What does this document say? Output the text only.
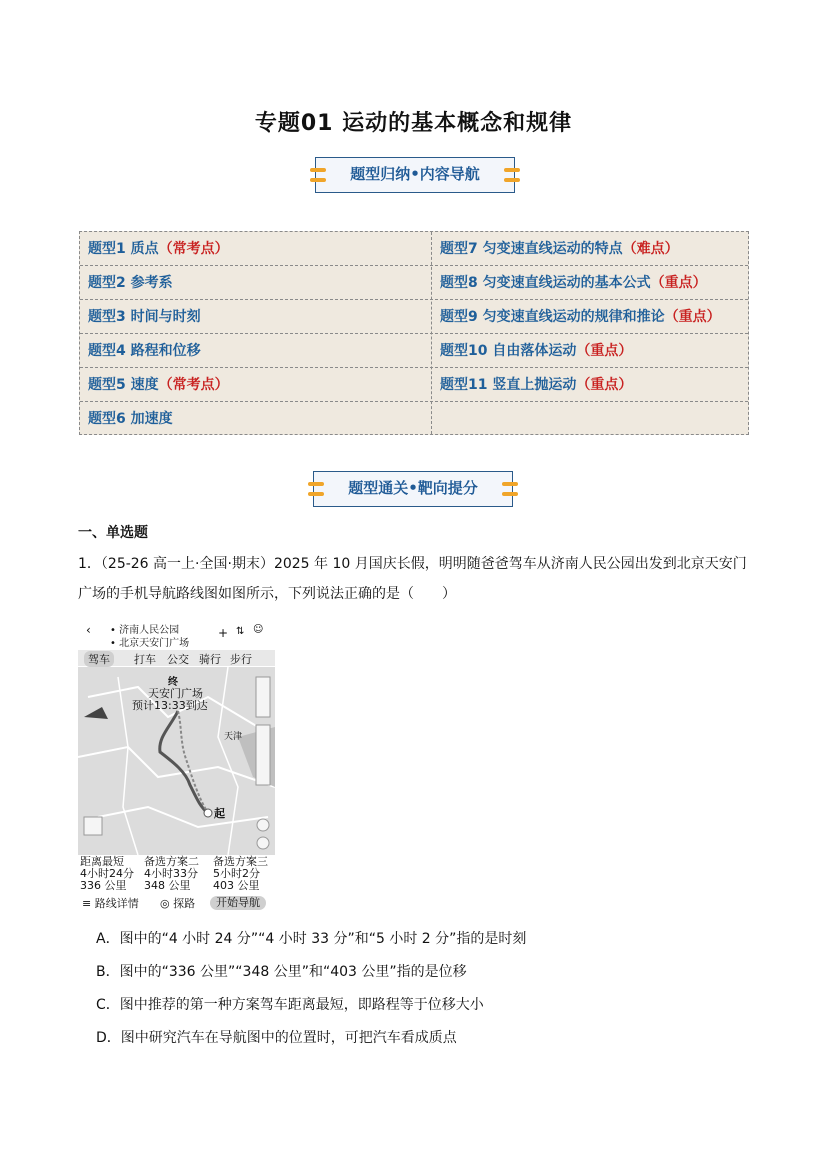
专题01 运动的基本概念和规律
题型归纳•内容导航
题型1 质点（常考点）
题型2 参考系
题型3 时间与时刻
题型4 路程和位移
题型5 速度（常考点）
题型6 加速度
题型7 匀变速直线运动的特点（难点）
题型8 匀变速直线运动的基本公式（重点）
题型9 匀变速直线运动的规律和推论（重点）
题型10 自由落体运动（重点）
题型11 竖直上抛运动（重点）
题型通关•靶向提分
一、单选题
1．（25-26 高一上·全国·期末）2025 年 10 月国庆长假，明明随爸爸驾车从济南人民公园出发到北京天安门
广场的手机导航路线图如图所示，下列说法正确的是（　　）
‹ • 济南人民公园
• 北京天安门广场
+ ⇅ ☺
驾车	打车 公交 骑行 步行
终
天安门广场
预计13:33到达
天津
起
距离最短
4小时24分
336 公里
备选方案二
4小时33分
348 公里
备选方案三
5小时2分
403 公里
≡ 路线详情 ◎ 探路	开始导航
A．图中的“4 小时 24 分”“4 小时 33 分”和“5 小时 2 分”指的是时刻
B．图中的“336 公里”“348 公里”和“403 公里”指的是位移
C．图中推荐的第一种方案驾车距离最短，即路程等于位移大小
D．图中研究汽车在导航图中的位置时，可把汽车看成质点
